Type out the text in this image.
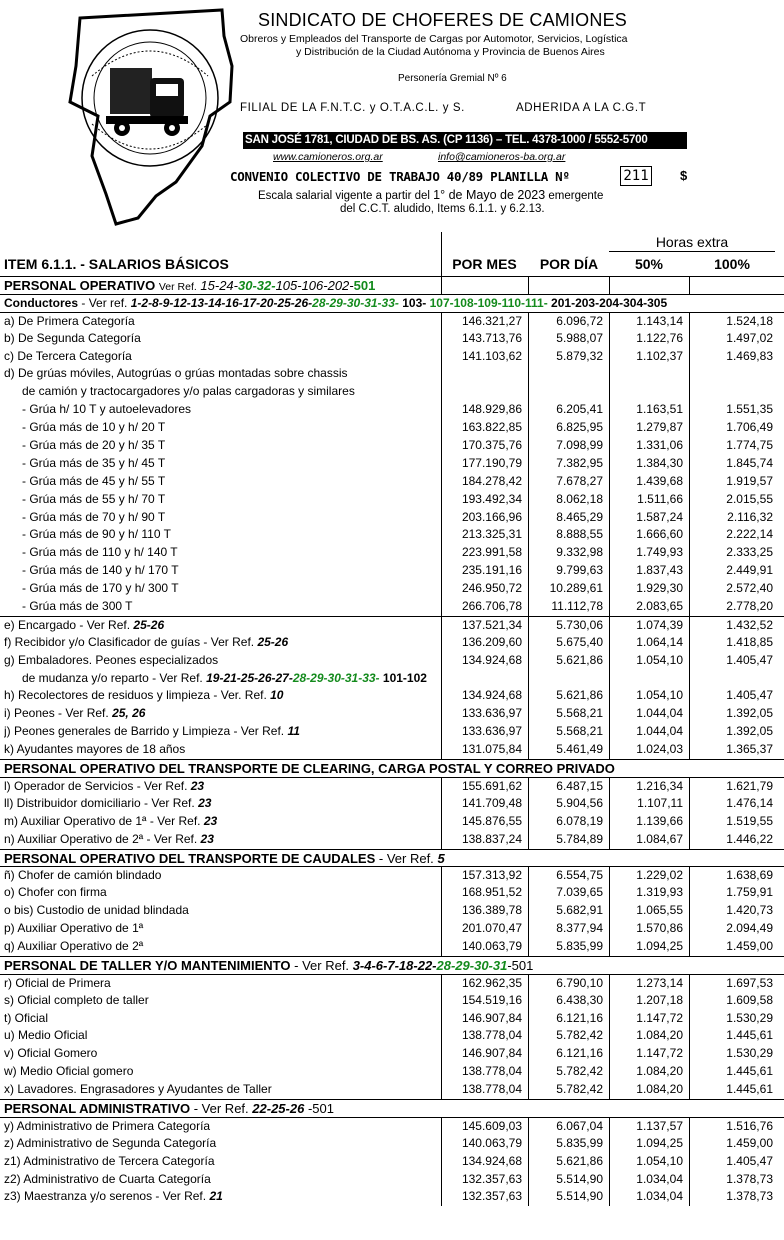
SINDICATO DE CHOFERES DE CAMIONES
Obreros y Empleados del Transporte de Cargas por Automotor, Servicios, Logística
y Distribución de la Ciudad Autónoma y Provincia de Buenos Aires
Personería Gremial Nº 6
FILIAL DE LA F.N.T.C. y O.T.A.C.L. y S.	ADHERIDA A LA C.G.T
SAN JOSÉ 1781, CIUDAD DE BS. AS. (CP 1136) – TEL. 4378-1000 / 5552-5700
www.camioneros.org.ar	info@camioneros-ba.org.ar
CONVENIO COLECTIVO DE TRABAJO 40/89 PLANILLA Nº	211 $
Escala salarial vigente a partir del 1° de Mayo de 2023 emergente
del C.C.T. aludido, Items 6.1.1. y 6.2.13.
Horas extra
ITEM 6.1.1. - SALARIOS BÁSICOS	POR MES	POR DÍA	50%	100%
PERSONAL OPERATIVO Ver Ref. 15-24-30-32-105-106-202-501
Conductores - Ver ref. 1-2-8-9-12-13-14-16-17-20-25-26-28-29-30-31-33- 103- 107-108-109-110-111- 201-203-204-304-305
a) De Primera Categoría	146.321,27	6.096,72	1.143,14	1.524,18
b) De Segunda Categoría	143.713,76	5.988,07	1.122,76	1.497,02
c) De Tercera Categoría	141.103,62	5.879,32	1.102,37	1.469,83
d) De grúas móviles, Autogrúas o grúas montadas sobre chassis
de camión y tractocargadores y/o palas cargadoras y similares
- Grúa h/ 10 T y autoelevadores	148.929,86	6.205,41	1.163,51	1.551,35
- Grúa más de 10 y h/ 20 T	163.822,85	6.825,95	1.279,87	1.706,49
- Grúa más de 20 y h/ 35 T	170.375,76	7.098,99	1.331,06	1.774,75
- Grúa más de 35 y h/ 45 T	177.190,79	7.382,95	1.384,30	1.845,74
- Grúa más de 45 y h/ 55 T	184.278,42	7.678,27	1.439,68	1.919,57
- Grúa más de 55 y h/ 70 T	193.492,34	8.062,18	1.511,66	2.015,55
- Grúa más de 70 y h/ 90 T	203.166,96	8.465,29	1.587,24	2.116,32
- Grúa más de 90 y h/ 110 T	213.325,31	8.888,55	1.666,60	2.222,14
- Grúa más de 110 y h/ 140 T	223.991,58	9.332,98	1.749,93	2.333,25
- Grúa más de 140 y h/ 170 T	235.191,16	9.799,63	1.837,43	2.449,91
- Grúa más de 170 y h/ 300 T	246.950,72	10.289,61	1.929,30	2.572,40
- Grúa más de 300 T	266.706,78	11.112,78	2.083,65	2.778,20
e) Encargado - Ver Ref. 25-26	137.521,34	5.730,06	1.074,39	1.432,52
f) Recibidor y/o Clasificador de guías - Ver Ref. 25-26	136.209,60	5.675,40	1.064,14	1.418,85
g) Embaladores. Peones especializados	134.924,68	5.621,86	1.054,10	1.405,47
de mudanza y/o reparto - Ver Ref. 19-21-25-26-27-28-29-30-31-33- 101-102
h) Recolectores de residuos y limpieza - Ver. Ref. 10	134.924,68	5.621,86	1.054,10	1.405,47
i) Peones - Ver Ref. 25, 26	133.636,97	5.568,21	1.044,04	1.392,05
j) Peones generales de Barrido y Limpieza - Ver Ref. 11	133.636,97	5.568,21	1.044,04	1.392,05
k) Ayudantes mayores de 18 años	131.075,84	5.461,49	1.024,03	1.365,37
PERSONAL OPERATIVO DEL TRANSPORTE DE CLEARING, CARGA POSTAL Y CORREO PRIVADO
l) Operador de Servicios - Ver Ref. 23	155.691,62	6.487,15	1.216,34	1.621,79
ll) Distribuidor domiciliario - Ver Ref. 23	141.709,48	5.904,56	1.107,11	1.476,14
m) Auxiliar Operativo de 1ª - Ver Ref. 23	145.876,55	6.078,19	1.139,66	1.519,55
n) Auxiliar Operativo de 2ª - Ver Ref. 23	138.837,24	5.784,89	1.084,67	1.446,22
PERSONAL OPERATIVO DEL TRANSPORTE DE CAUDALES - Ver Ref. 5
ñ) Chofer de camión blindado	157.313,92	6.554,75	1.229,02	1.638,69
o) Chofer con firma	168.951,52	7.039,65	1.319,93	1.759,91
o bis) Custodio de unidad blindada	136.389,78	5.682,91	1.065,55	1.420,73
p) Auxiliar Operativo de 1ª	201.070,47	8.377,94	1.570,86	2.094,49
q) Auxiliar Operativo de 2ª	140.063,79	5.835,99	1.094,25	1.459,00
PERSONAL DE TALLER Y/O MANTENIMIENTO - Ver Ref. 3-4-6-7-18-22-28-29-30-31-501
r) Oficial de Primera	162.962,35	6.790,10	1.273,14	1.697,53
s) Oficial completo de taller	154.519,16	6.438,30	1.207,18	1.609,58
t) Oficial	146.907,84	6.121,16	1.147,72	1.530,29
u) Medio Oficial	138.778,04	5.782,42	1.084,20	1.445,61
v) Oficial Gomero	146.907,84	6.121,16	1.147,72	1.530,29
w) Medio Oficial gomero	138.778,04	5.782,42	1.084,20	1.445,61
x) Lavadores. Engrasadores y Ayudantes de Taller	138.778,04	5.782,42	1.084,20	1.445,61
PERSONAL ADMINISTRATIVO - Ver Ref. 22-25-26 -501
y) Administrativo de Primera Categoría	145.609,03	6.067,04	1.137,57	1.516,76
z) Administrativo de Segunda Categoría	140.063,79	5.835,99	1.094,25	1.459,00
z1) Administrativo de Tercera Categoría	134.924,68	5.621,86	1.054,10	1.405,47
z2) Administrativo de Cuarta Categoría	132.357,63	5.514,90	1.034,04	1.378,73
z3) Maestranza y/o serenos - Ver Ref. 21	132.357,63	5.514,90	1.034,04	1.378,73
